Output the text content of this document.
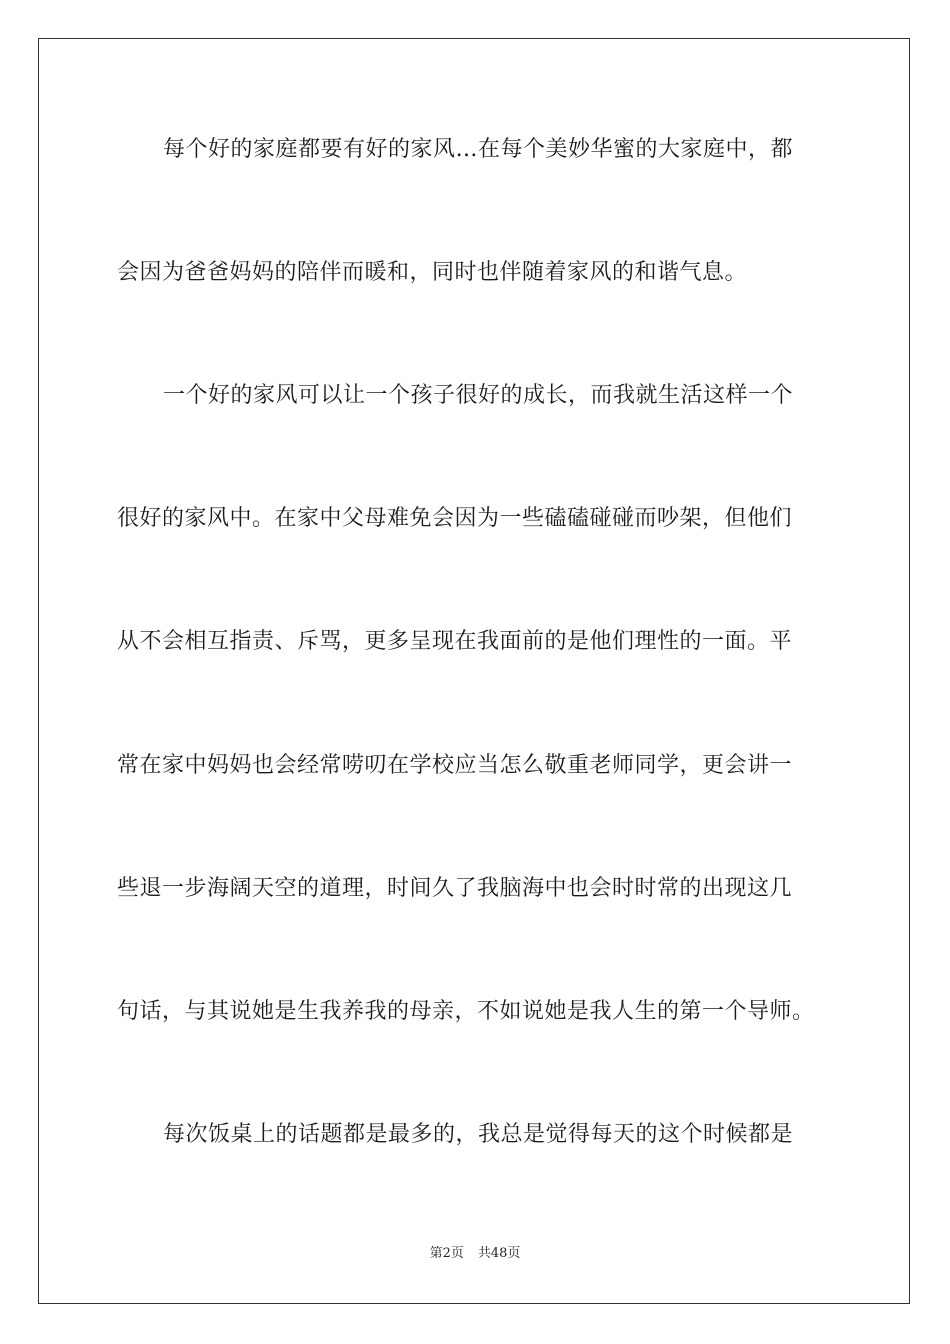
每个好的家庭都要有好的家风…在每个美妙华蜜的大家庭中，都
会因为爸爸妈妈的陪伴而暖和，同时也伴随着家风的和谐气息。
一个好的家风可以让一个孩子很好的成长，而我就生活这样一个
很好的家风中。在家中父母难免会因为一些磕磕碰碰而吵架，但他们
从不会相互指责、斥骂，更多呈现在我面前的是他们理性的一面。平
常在家中妈妈也会经常唠叨在学校应当怎么敬重老师同学，更会讲一
些退一步海阔天空的道理，时间久了我脑海中也会时时常的出现这几
句话，与其说她是生我养我的母亲，不如说她是我人生的第一个导师。
每次饭桌上的话题都是最多的，我总是觉得每天的这个时候都是
第2页 共48页
